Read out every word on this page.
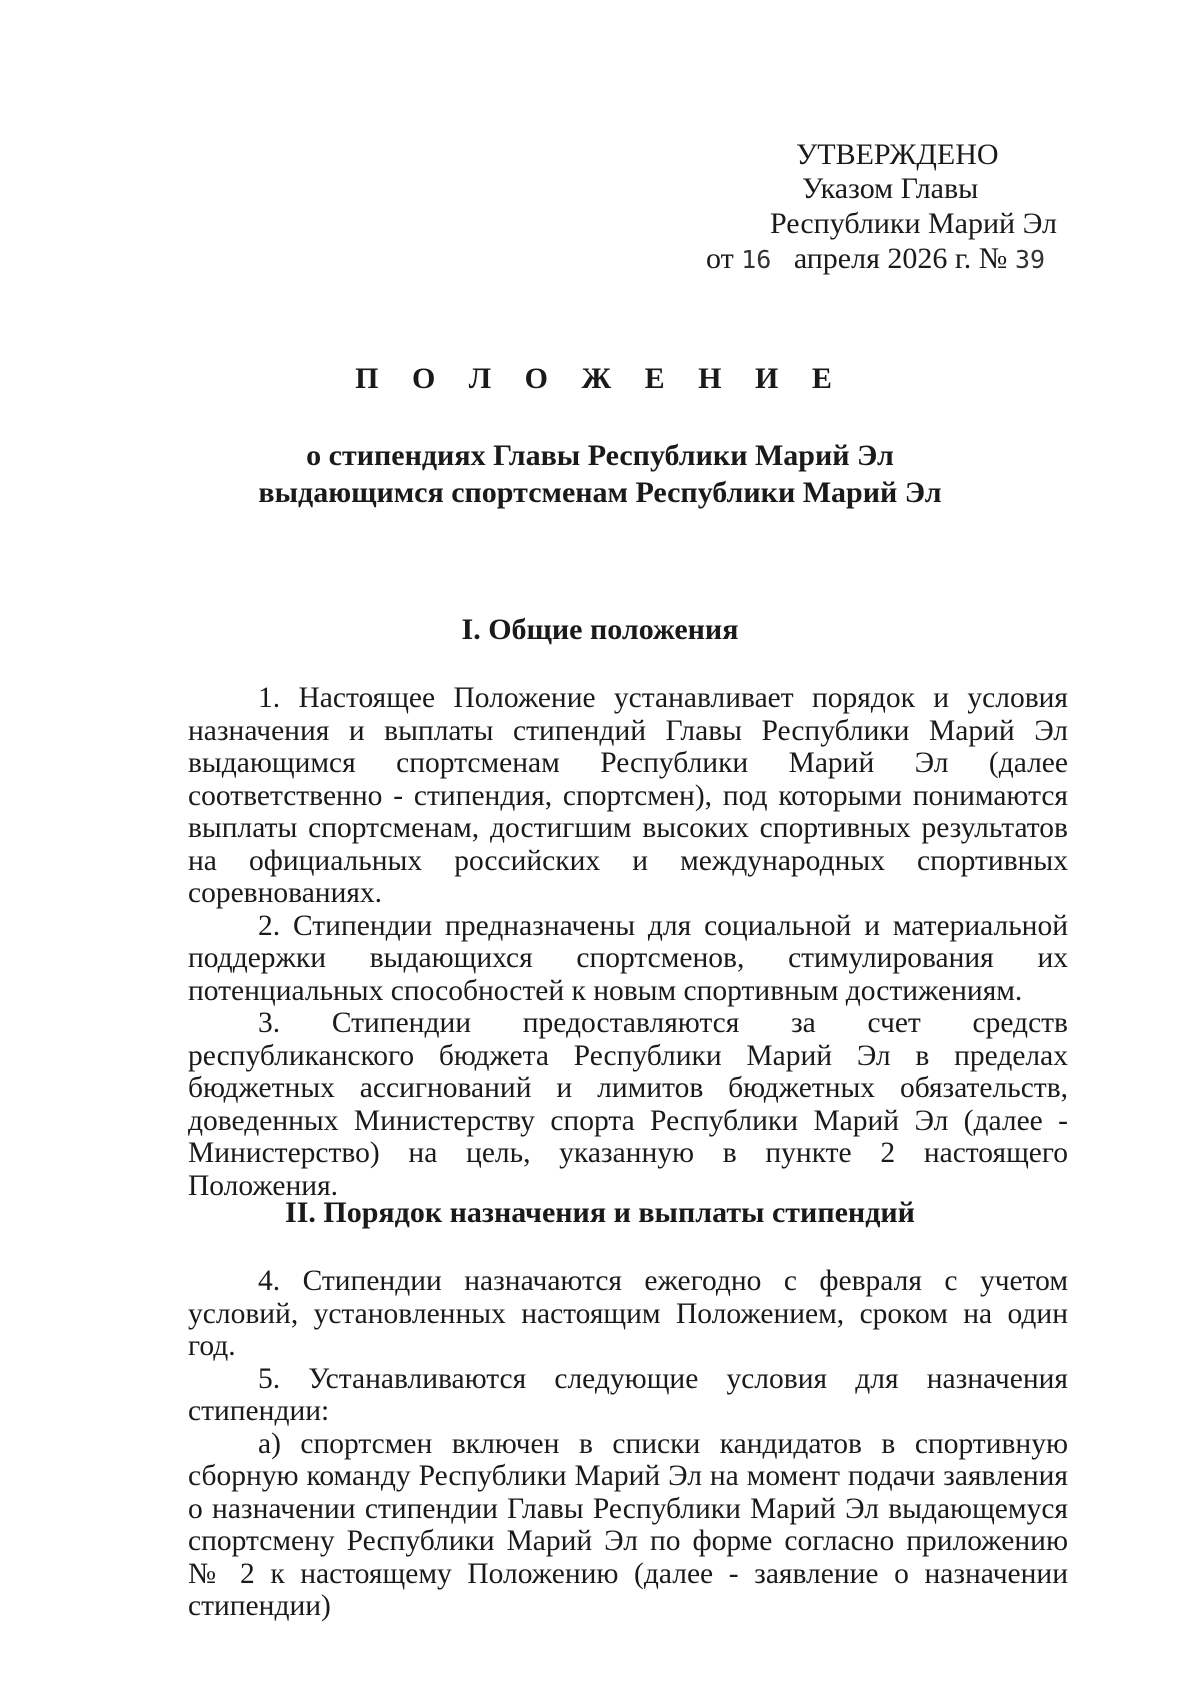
УТВЕРЖДЕНО
Указом Главы
Республики Марий Эл
от 16 апреля 2026 г. № 39
П О Л О Ж Е Н И Е
о стипендиях Главы Республики Марий Эл
выдающимся спортсменам Республики Марий Эл
I. Общие положения

1. Настоящее Положение устанавливает порядок и условия назначения и выплаты стипендий Главы Республики Марий Эл выдающимся спортсменам Республики Марий Эл (далее соответственно - стипендия, спортсмен), под которыми понимаются выплаты спортсменам, достигшим высоких спортивных результатов на официальных российских и международных спортивных соревнованиях.

2. Стипендии предназначены для социальной и материальной поддержки выдающихся спортсменов, стимулирования их потенциальных способностей к новым спортивным достижениям.

3. Стипендии предоставляются за счет средств республиканского бюджета Республики Марий Эл в пределах бюджетных ассигнований и лимитов бюджетных обязательств, доведенных Министерству спорта Республики Марий Эл (далее - Министерство) на цель, указанную в пункте 2 настоящего Положения.

II. Порядок назначения и выплаты стипендий

4. Стипендии назначаются ежегодно с февраля с учетом условий, установленных настоящим Положением, сроком на один год.

5. Устанавливаются следующие условия для назначения стипендии:

а) спортсмен включен в списки кандидатов в спортивную сборную команду Республики Марий Эл на момент подачи заявления о назначении стипендии Главы Республики Марий Эл выдающемуся спортсмену Республики Марий Эл по форме согласно приложению № 2 к настоящему Положению (далее - заявление о назначении стипендии)
